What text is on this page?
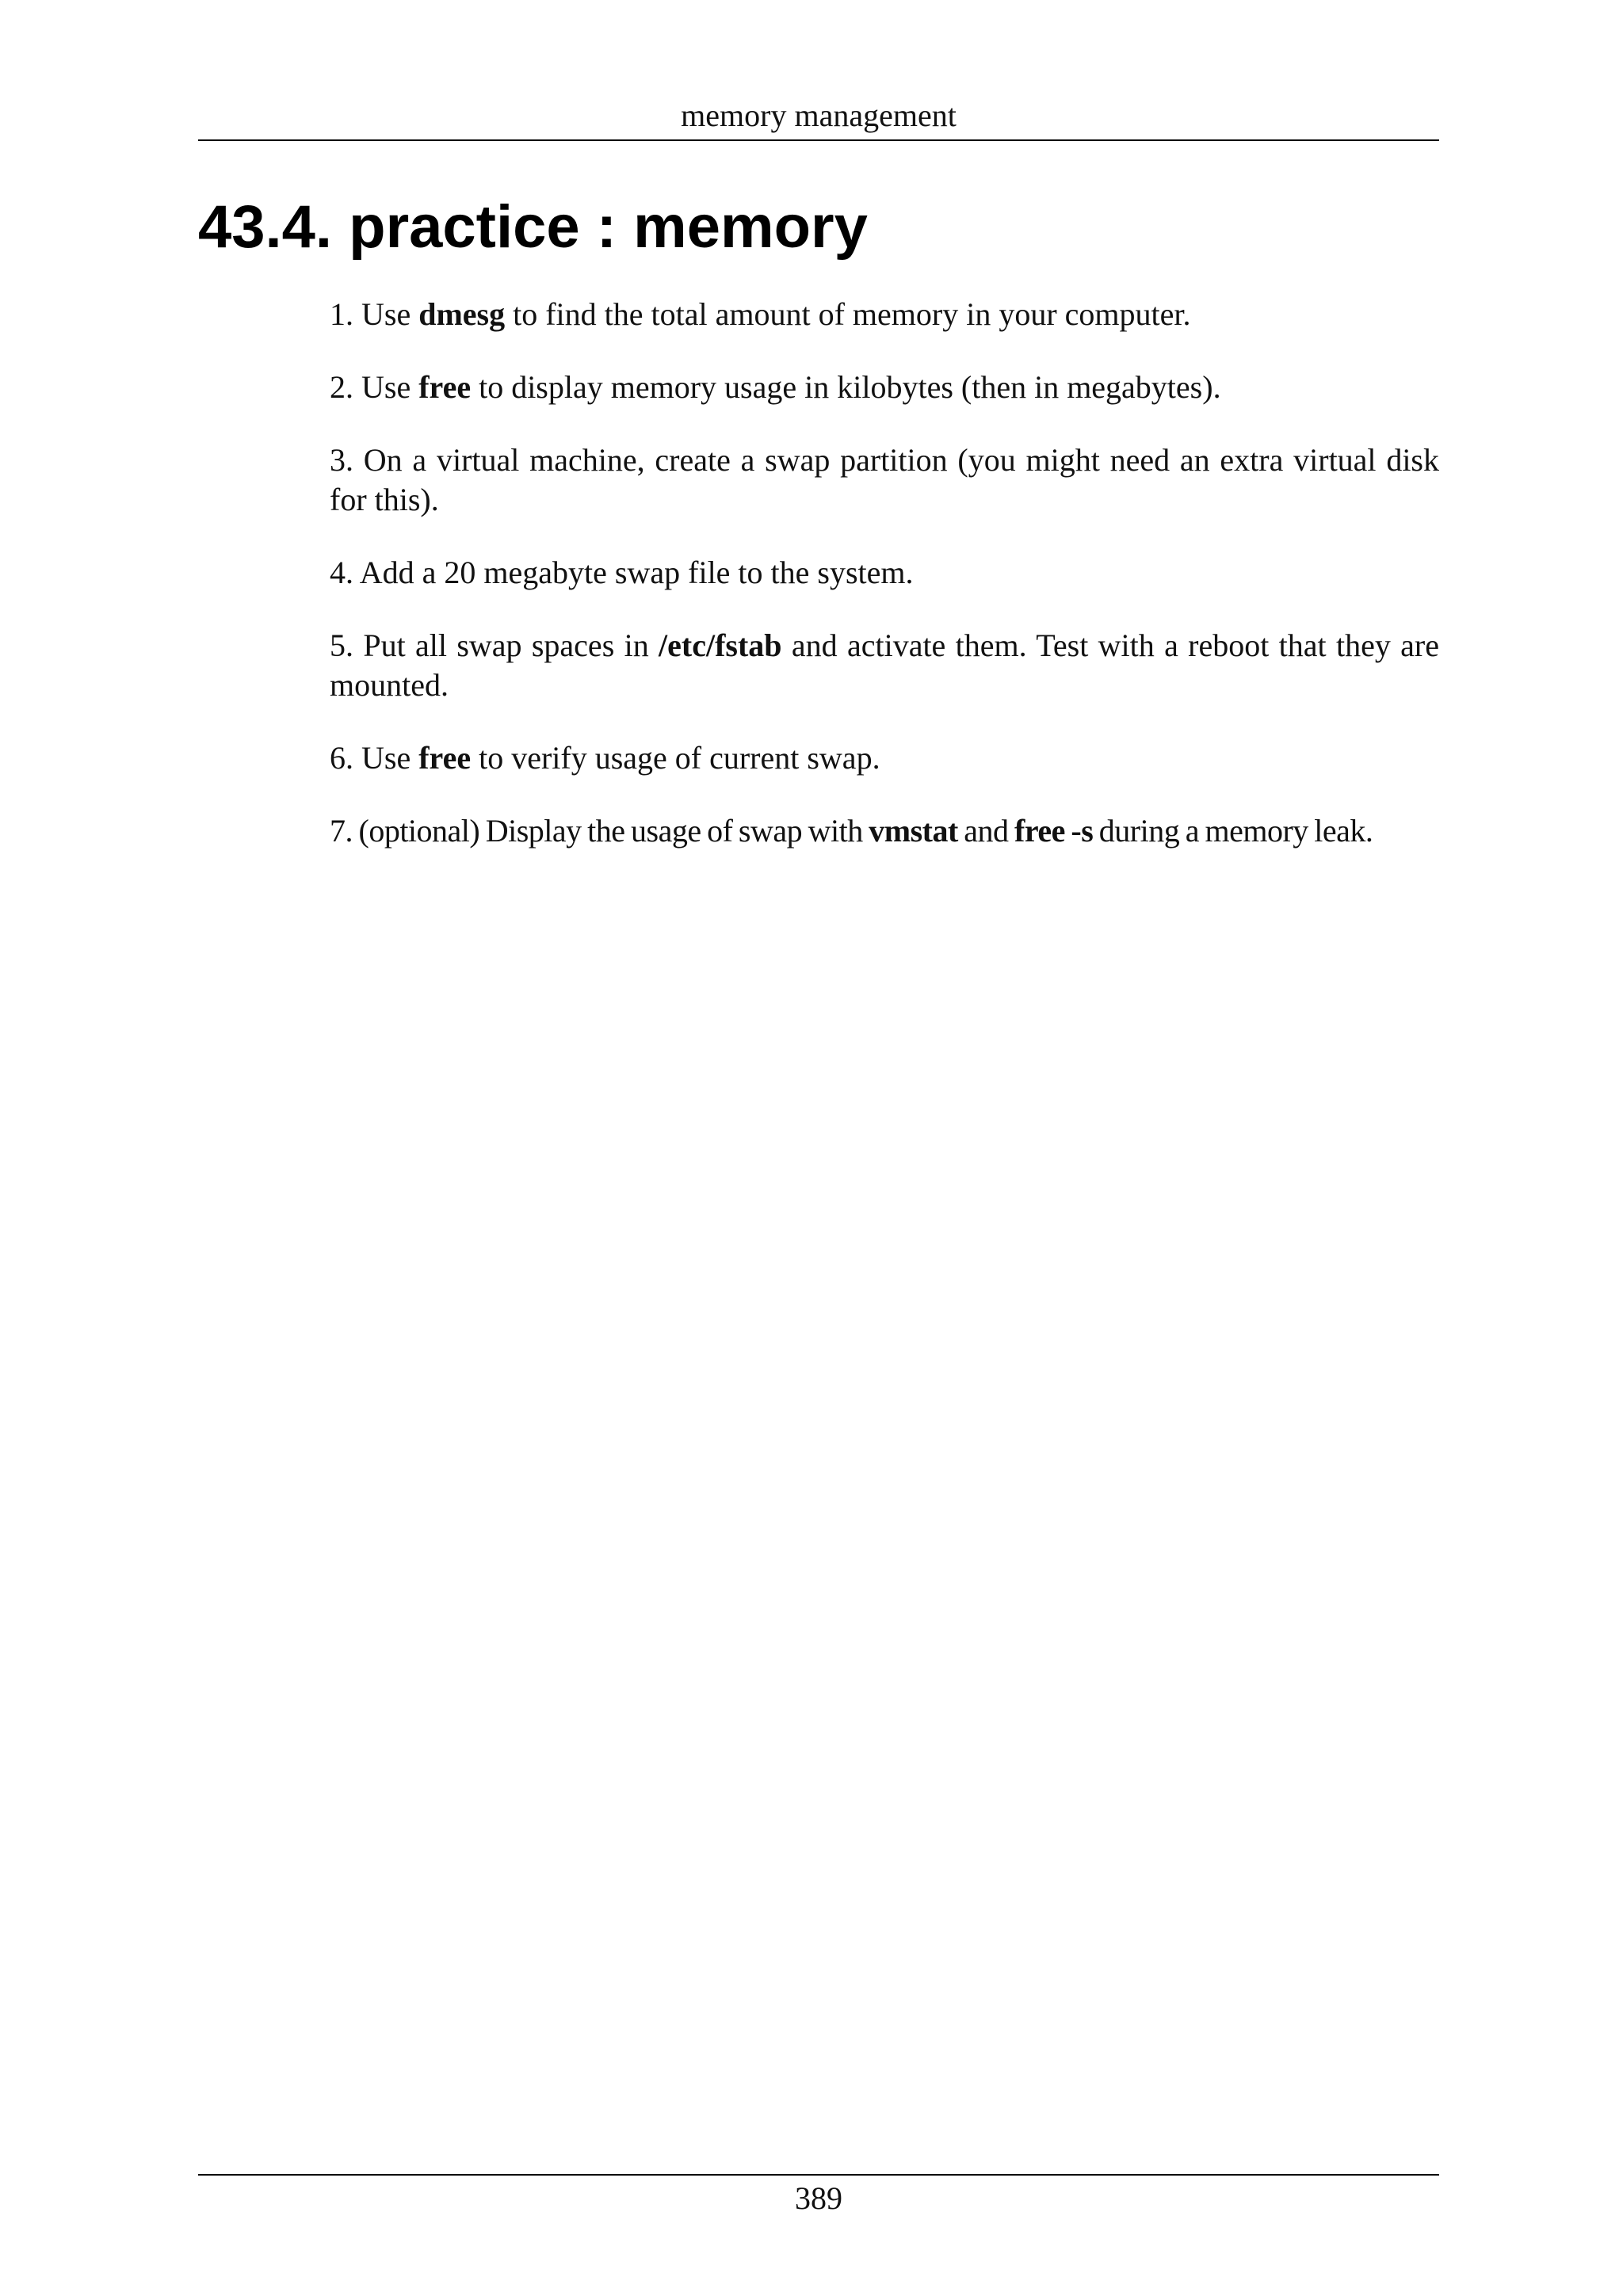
memory management
43.4. practice : memory
1. Use dmesg to find the total amount of memory in your computer.
2. Use free to display memory usage in kilobytes (then in megabytes).
3. On a virtual machine, create a swap partition (you might need an extra virtual disk for this).
4. Add a 20 megabyte swap file to the system.
5. Put all swap spaces in /etc/fstab and activate them. Test with a reboot that they are mounted.
6. Use free to verify usage of current swap.
7. (optional) Display the usage of swap with vmstat and free -s during a memory leak.
389
